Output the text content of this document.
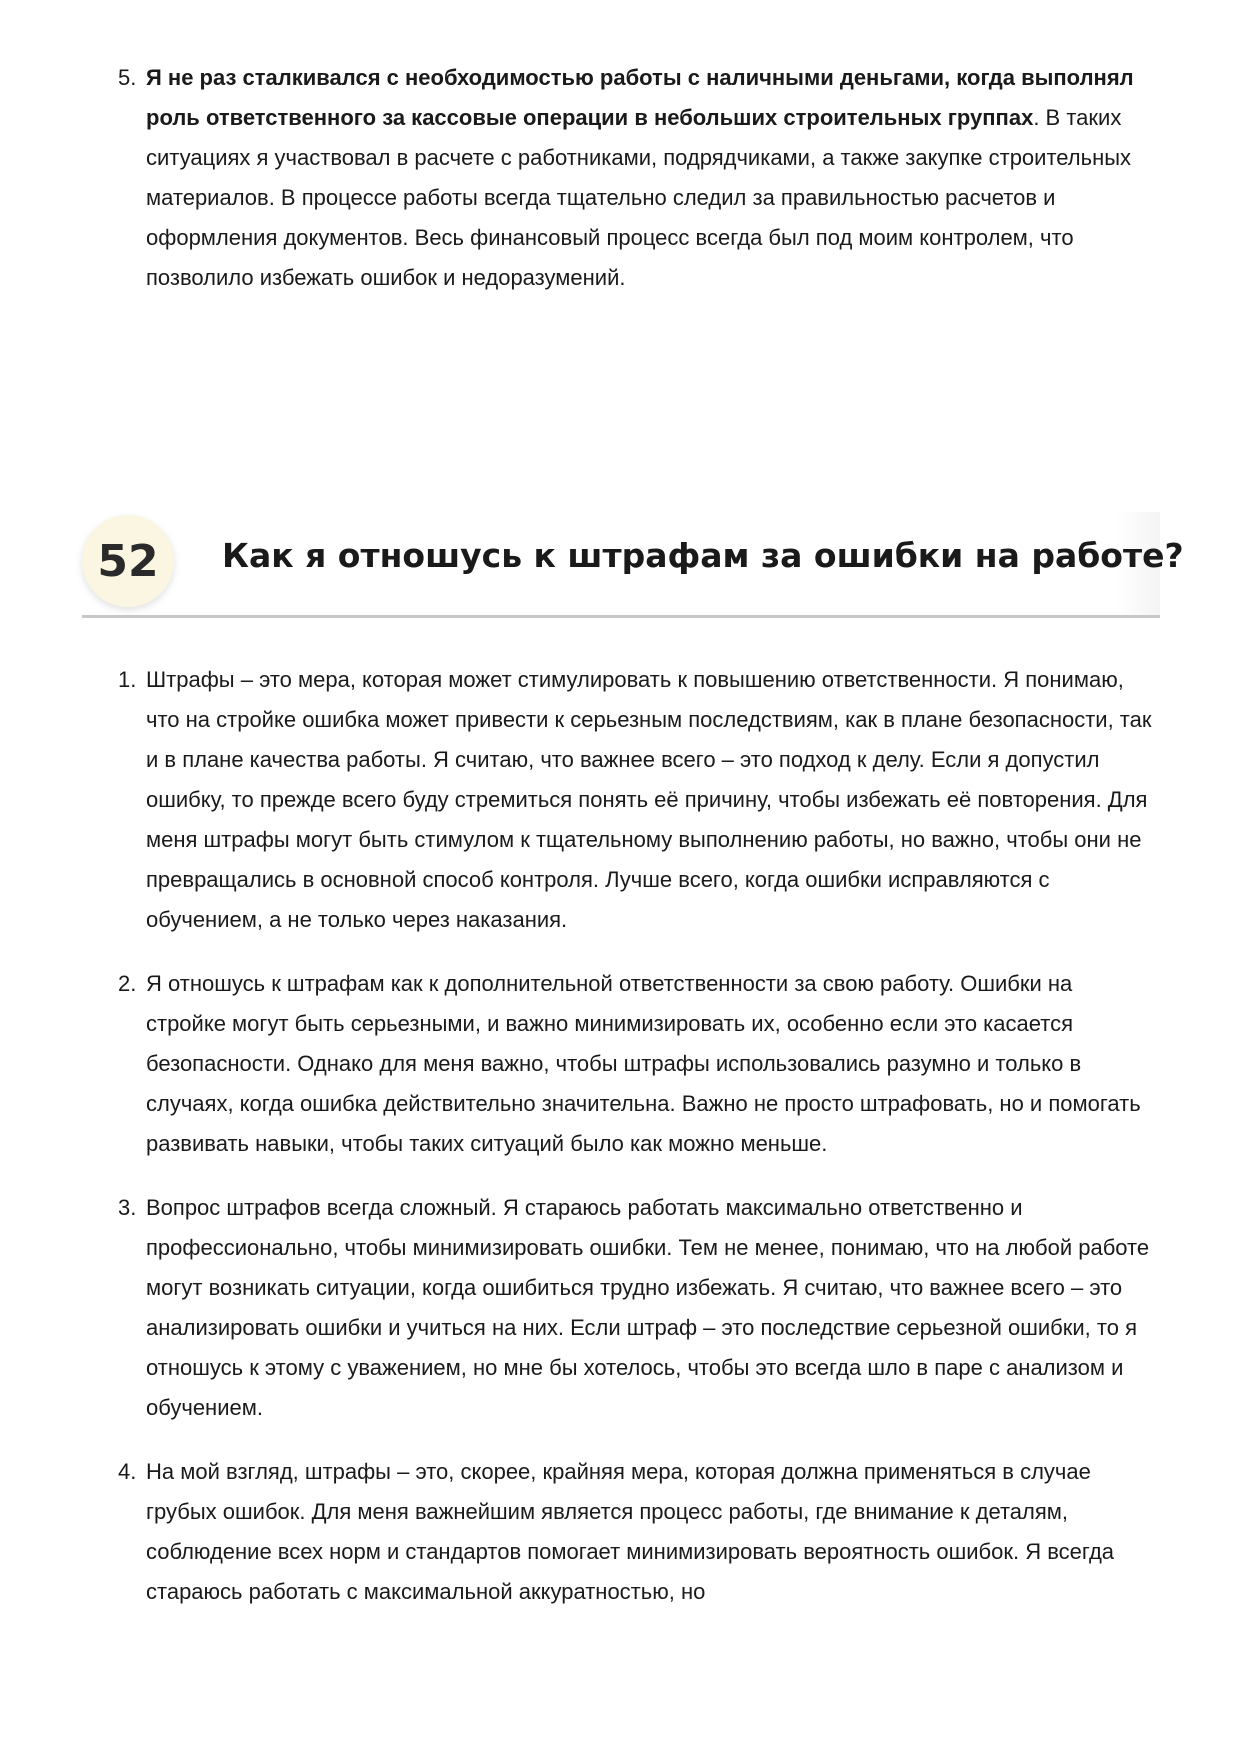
5. Я не раз сталкивался с необходимостью работы с наличными деньгами, когда выполнял роль ответственного за кассовые операции в небольших строительных группах. В таких ситуациях я участвовал в расчете с работниками, подрядчиками, а также закупке строительных материалов. В процессе работы всегда тщательно следил за правильностью расчетов и оформления документов. Весь финансовый процесс всегда был под моим контролем, что позволило избежать ошибок и недоразумений.
52	Как я отношусь к штрафам за ошибки на работе?
1. Штрафы – это мера, которая может стимулировать к повышению ответственности. Я понимаю, что на стройке ошибка может привести к серьезным последствиям, как в плане безопасности, так и в плане качества работы. Я считаю, что важнее всего – это подход к делу. Если я допустил ошибку, то прежде всего буду стремиться понять её причину, чтобы избежать её повторения. Для меня штрафы могут быть стимулом к тщательному выполнению работы, но важно, чтобы они не превращались в основной способ контроля. Лучше всего, когда ошибки исправляются с обучением, а не только через наказания.
2. Я отношусь к штрафам как к дополнительной ответственности за свою работу. Ошибки на стройке могут быть серьезными, и важно минимизировать их, особенно если это касается безопасности. Однако для меня важно, чтобы штрафы использовались разумно и только в случаях, когда ошибка действительно значительна. Важно не просто штрафовать, но и помогать развивать навыки, чтобы таких ситуаций было как можно меньше.
3. Вопрос штрафов всегда сложный. Я стараюсь работать максимально ответственно и профессионально, чтобы минимизировать ошибки. Тем не менее, понимаю, что на любой работе могут возникать ситуации, когда ошибиться трудно избежать. Я считаю, что важнее всего – это анализировать ошибки и учиться на них. Если штраф – это последствие серьезной ошибки, то я отношусь к этому с уважением, но мне бы хотелось, чтобы это всегда шло в паре с анализом и обучением.
4. На мой взгляд, штрафы – это, скорее, крайняя мера, которая должна применяться в случае грубых ошибок. Для меня важнейшим является процесс работы, где внимание к деталям, соблюдение всех норм и стандартов помогает минимизировать вероятность ошибок. Я всегда стараюсь работать с максимальной аккуратностью, но
